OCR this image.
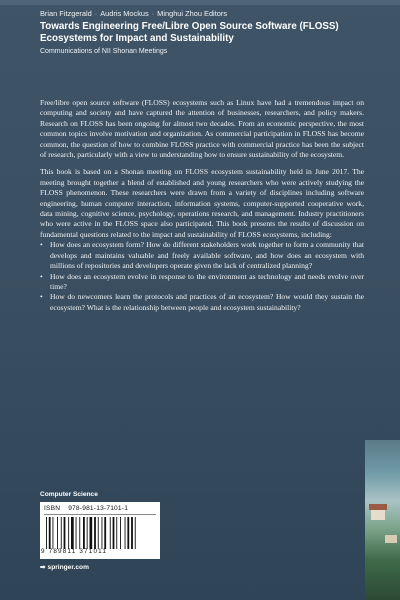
Brian Fitzgerald · Audris Mockus · Minghui Zhou Editors
Towards Engineering Free/Libre Open Source Software (FLOSS)
Ecosystems for Impact and Sustainability
Communications of NII Shonan Meetings

Free/libre open source software (FLOSS) ecosystems such as Linux have had a tremendous impact on computing and society and have captured the attention of businesses, researchers, and policy makers. Research on FLOSS has been ongoing for almost two decades. From an economic perspective, the most common topics involve motivation and organization. As commercial participation in FLOSS has become common, the question of how to combine FLOSS practice with commercial practice has been the subject of research, particularly with a view to understanding how to ensure sustainability of the ecosystem.

This book is based on a Shonan meeting on FLOSS ecosystem sustainability held in June 2017. The meeting brought together a blend of established and young researchers who were actively studying the FLOSS phenomenon. These researchers were drawn from a variety of disciplines including software engineering, human computer interaction, information systems, computer-supported cooperative work, data mining, cognitive science, psychology, operations research, and management. Industry practitioners who were active in the FLOSS space also participated. This book presents the results of discussion on fundamental questions related to the impact and sustainability of FLOSS ecosystems, including:

• How does an ecosystem form? How do different stakeholders work together to form a community that develops and maintains valuable and freely available software, and how does an ecosystem with millions of repositories and developers operate given the lack of centralized planning?
• How does an ecosystem evolve in response to the environment as technology and needs evolve over time?
• How do newcomers learn the protocols and practices of an ecosystem? How would they sustain the ecosystem? What is the relationship between people and ecosystem sustainability?
Computer Science
ISBN 978-981-13-7101-1
9 789811 371011
➡ springer.com
